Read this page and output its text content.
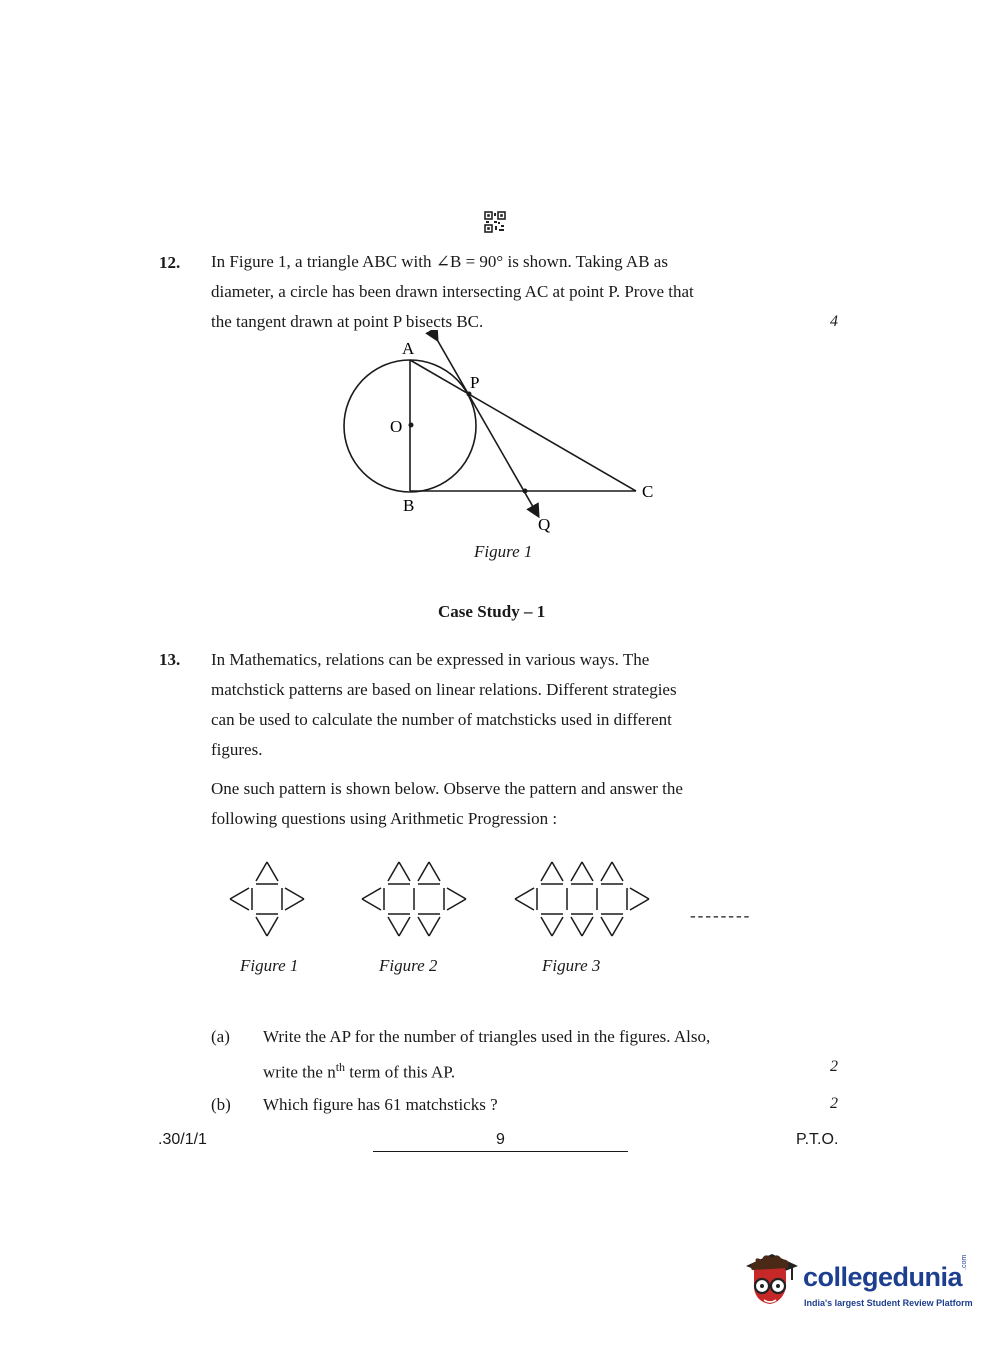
12. In Figure 1, a triangle ABC with ∠B = 90° is shown. Taking AB as
diameter, a circle has been drawn intersecting AC at point P. Prove that
the tangent drawn at point P bisects BC.	4
A
P
O
B
C
Q
Figure 1
Case Study – 1
13. In Mathematics, relations can be expressed in various ways. The
matchstick patterns are based on linear relations. Different strategies
can be used to calculate the number of matchsticks used in different
figures.
One such pattern is shown below. Observe the pattern and answer the
following questions using Arithmetic Progression :
Figure 1	Figure 2	Figure 3
--------
(a) Write the AP for the number of triangles used in the figures. Also,
write the $n^{th}$ term of this AP.	2
(b) Which figure has 61 matchsticks ?	2
.30/1/1	9	P.T.O.
collegedunia
.com
India's largest Student Review Platform
